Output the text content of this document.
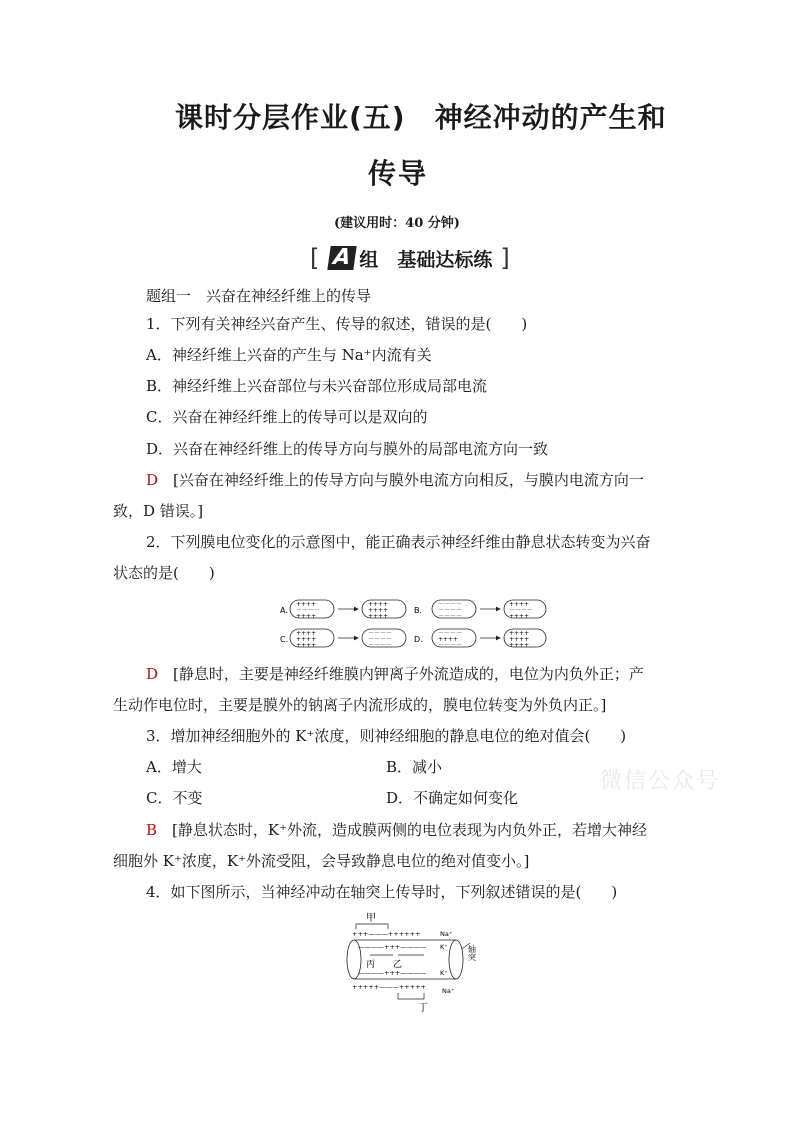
课时分层作业(五)　神经冲动的产生和
传导
(建议用时：40 分钟)
[ A 组　基础达标练 ]
题组一　兴奋在神经纤维上的传导
1．下列有关神经兴奋产生、传导的叙述，错误的是(　　)
A．神经纤维上兴奋的产生与 Na⁺内流有关
B．神经纤维上兴奋部位与未兴奋部位形成局部电流
C．兴奋在神经纤维上的传导可以是双向的
D．兴奋在神经纤维上的传导方向与膜外的局部电流方向一致
D　 [兴奋在神经纤维上的传导方向与膜外电流方向相反，与膜内电流方向一
致，D 错误。]
2．下列膜电位变化的示意图中，能正确表示神经纤维由静息状态转变为兴奋
状态的是(　　)
A.
++++
－－－－
++++
++++
++++
++++
B.
－－－－
－－－－
－－－－
++++
－－－－
++++
C.
++++
++++
++++
－－－－
－－－－
－－－－
D.
－－－－
++++
－－－－
++++
++++
++++
D　 [静息时，主要是神经纤维膜内钾离子外流造成的，电位为内负外正；产
生动作电位时，主要是膜外的钠离子内流形成的，膜电位转变为外负内正。]
3．增加神经细胞外的 K⁺浓度，则神经细胞的静息电位的绝对值会(　　)
A．增大	B．减小
C．不变	D．不确定如何变化
B　 [静息状态时，K⁺外流，造成膜两侧的电位表现为内负外正，若增大神经
细胞外 K⁺浓度，K⁺外流受阻，会导致静息电位的绝对值变小。]
微信公众号
4．如下图所示，当神经冲动在轴突上传导时，下列叙述错误的是(　　)
甲
+++———++++++	Na⁺
————+++———— K⁺
丙 乙
————+++———— K⁺
+++++———+++++ Na⁺
丁
轴突
